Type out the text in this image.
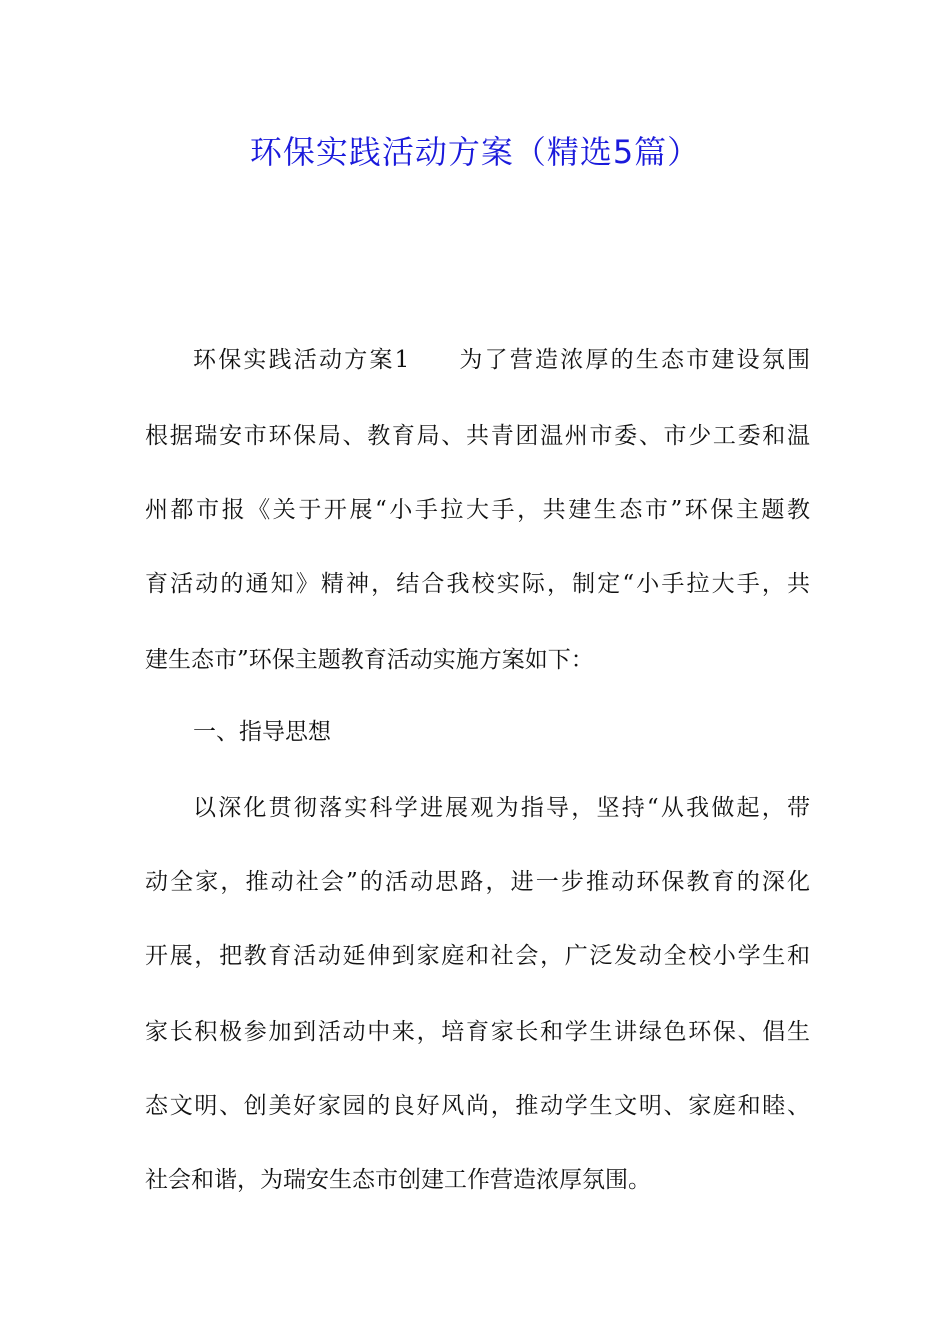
环保实践活动方案（精选5篇）
环保实践活动方案1 为了营造浓厚的生态市建设氛围
根据瑞安市环保局、教育局、共青团温州市委、市少工委和温
州都市报《关于开展“小手拉大手，共建生态市”环保主题教
育活动的通知》精神，结合我校实际，制定“小手拉大手，共
建生态市”环保主题教育活动实施方案如下：
一、指导思想
以深化贯彻落实科学进展观为指导，坚持“从我做起，带
动全家，推动社会”的活动思路，进一步推动环保教育的深化
开展，把教育活动延伸到家庭和社会，广泛发动全校小学生和
家长积极参加到活动中来，培育家长和学生讲绿色环保、倡生
态文明、创美好家园的良好风尚，推动学生文明、家庭和睦、
社会和谐，为瑞安生态市创建工作营造浓厚氛围。
